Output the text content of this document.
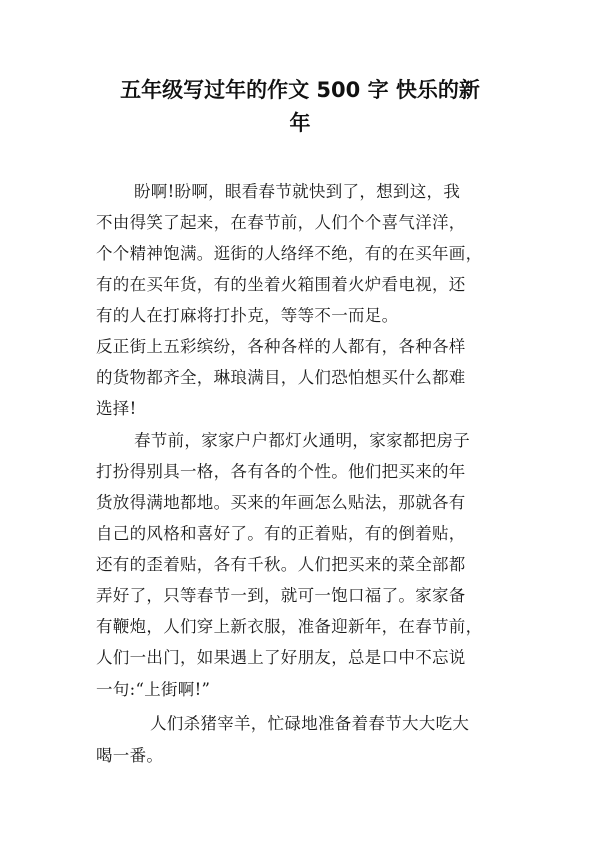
五年级写过年的作文 500 字 快乐的新
年
盼啊!盼啊，眼看春节就快到了，想到这，我
不由得笑了起来，在春节前，人们个个喜气洋洋，
个个精神饱满。逛街的人络绎不绝，有的在买年画，
有的在买年货，有的坐着火箱围着火炉看电视，还
有的人在打麻将打扑克，等等不一而足。
反正街上五彩缤纷，各种各样的人都有，各种各样
的货物都齐全，琳琅满目，人们恐怕想买什么都难
选择!
春节前，家家户户都灯火通明，家家都把房子
打扮得别具一格，各有各的个性。他们把买来的年
货放得满地都地。买来的年画怎么贴法，那就各有
自己的风格和喜好了。有的正着贴，有的倒着贴，
还有的歪着贴，各有千秋。人们把买来的菜全部都
弄好了，只等春节一到，就可一饱口福了。家家备
有鞭炮，人们穿上新衣服，准备迎新年，在春节前，
人们一出门，如果遇上了好朋友，总是口中不忘说
一句:“上街啊!”
人们杀猪宰羊，忙碌地准备着春节大大吃大
喝一番。
